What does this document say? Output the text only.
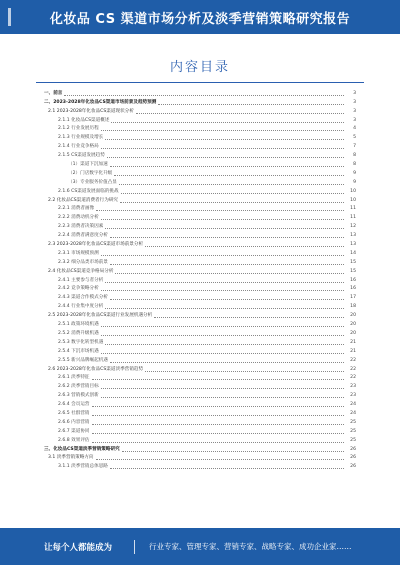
化妆品 CS 渠道市场分析及淡季营销策略研究报告
内容目录
一、前言	3
二、2023-2028年化妆品CS渠道市场前景及趋势预测	3
2.1 2023-2028年化妆品CS渠道现状分析	3
2.1.1 化妆品CS渠道概述	3
2.1.2 行业发展历程	4
2.1.3 行业规模及增长	5
2.1.4 行业竞争格局	7
2.1.5 CS渠道发展趋势	8
（1）渠道下沉加速	8
（2）门店数字化升级	9
（3）专业服务价值凸显	9
2.1.6 CS渠道发展面临的挑战	10
2.2 化妆品CS渠道消费者行为研究	10
2.2.1 消费者画像	11
2.2.2 消费动机分析	11
2.2.3 消费者决策因素	12
2.2.4 消费者满意度分析	13
2.3 2023-2028年化妆品CS渠道市场前景分析	13
2.3.1 市场规模预测	14
2.3.2 细分品类市场前景	15
2.4 化妆品CS渠道竞争格局分析	15
2.4.1 主要参与者分析	16
2.4.2 竞争策略分析	16
2.4.3 渠道合作模式分析	17
2.4.4 行业集中度分析	18
2.5 2023-2028年化妆品CS渠道行业发展机遇分析	20
2.5.1 政策环境机遇	20
2.5.2 消费升级机遇	20
2.5.3 数字化转型机遇	21
2.5.4 下沉市场机遇	21
2.5.5 新兴品牌崛起机遇	22
2.6 2023-2028年化妆品CS渠道淡季营销趋势	22
2.6.1 淡季特征	22
2.6.2 淡季营销目标	23
2.6.3 营销模式创新	23
2.6.4 会员运营	24
2.6.5 社群营销	24
2.6.6 内容营销	25
2.6.7 渠道协同	25
2.6.8 效果评估	25
三、化妆品CS渠道淡季营销策略研究	26
3.1 淡季营销策略方向	26
3.1.1 淡季营销总体思路	26
让每个人都能成为	行业专家、管理专家、营销专家、战略专家、成功企业家……
